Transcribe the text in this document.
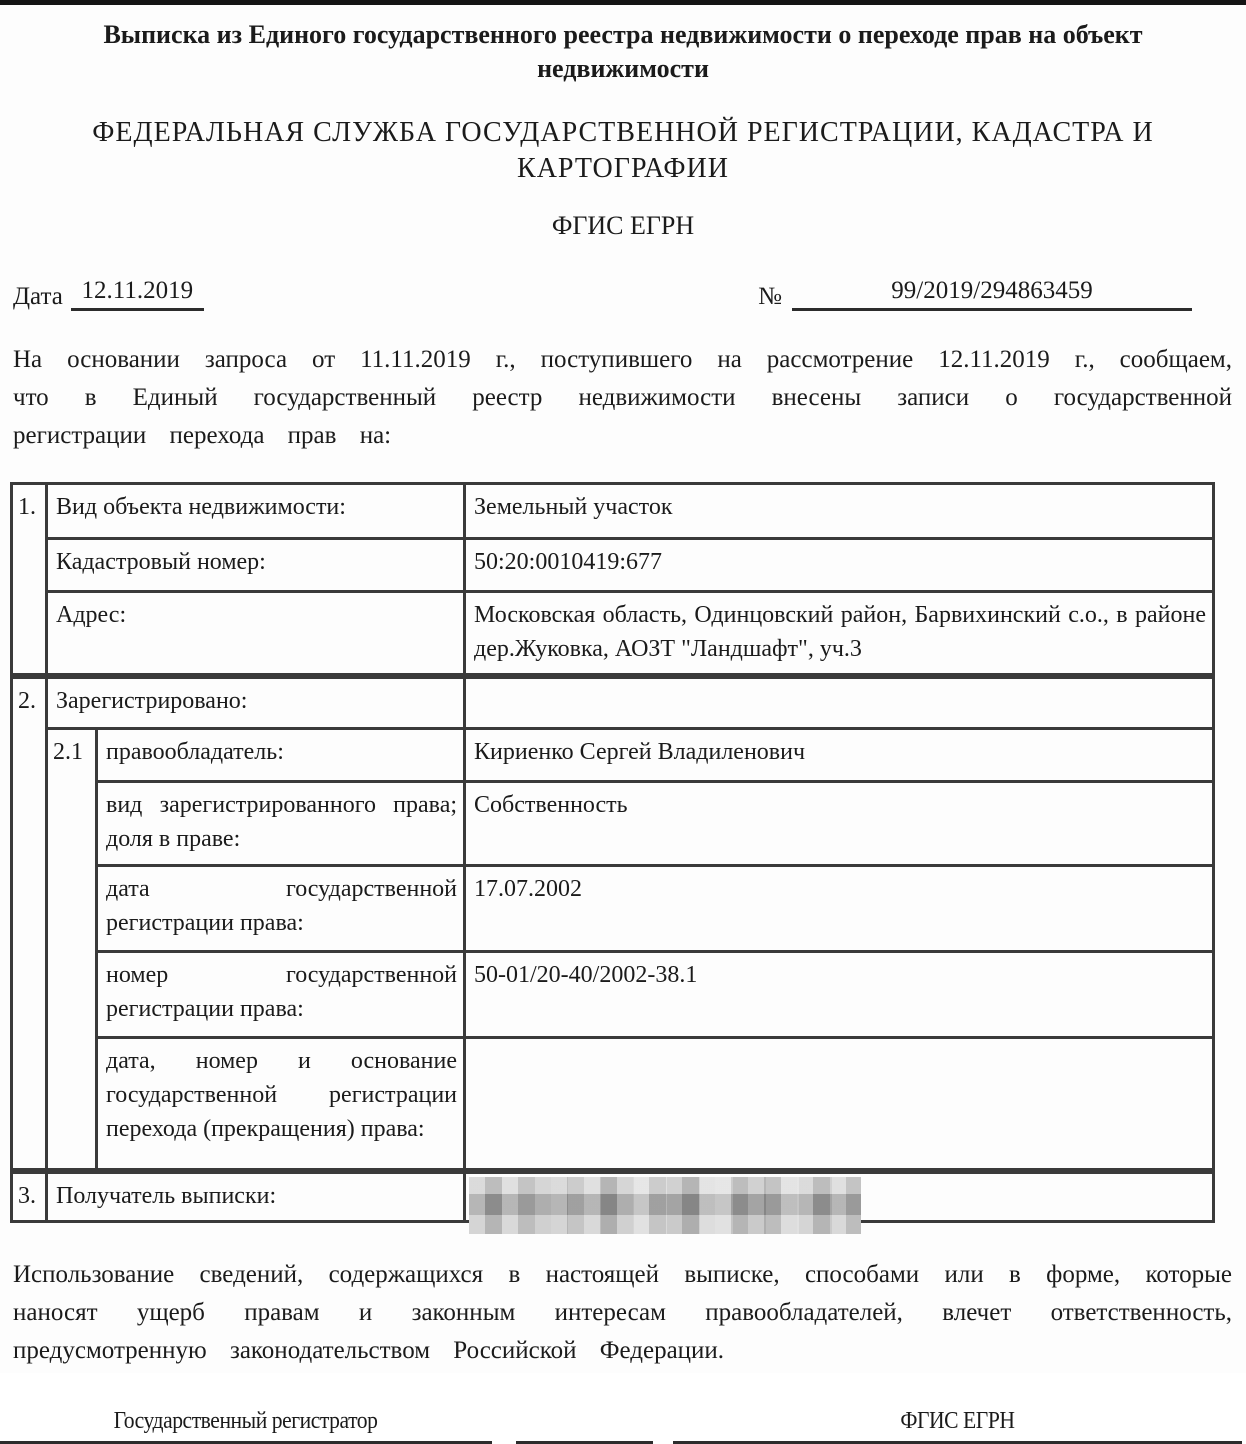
Выписка из Единого государственного реестра недвижимости о переходе прав на объект недвижимости
ФЕДЕРАЛЬНАЯ СЛУЖБА ГОСУДАРСТВЕННОЙ РЕГИСТРАЦИИ, КАДАСТРА И КАРТОГРАФИИ
ФГИС ЕГРН
Дата 12.11.2019	№	99/2019/294863459
На основании запроса от 11.11.2019 г., поступившего на рассмотрение 12.11.2019 г., сообщаем, что в Единый государственный реестр недвижимости внесены записи о государственной регистрации перехода прав на:
1.	Вид объекта недвижимости:		Земельный участок
	Кадастровый номер:		50:20:0010419:677
	Адрес:		Московская область, Одинцовский район, Барвихинский с.о., в районе дер.Жуковка, АОЗТ "Ландшафт", уч.3
2.	Зарегистрировано:		
	2.1	правообладатель:	Кириенко Сергей Владиленович
		вид зарегистрированного права; доля в праве:	Собственность
		дата государственной регистрации права:	17.07.2002
		номер государственной регистрации права:	50-01/20-40/2002-38.1
		дата, номер и основание государственной регистрации перехода (прекращения) права:	
3.	Получатель выписки:		
Использование сведений, содержащихся в настоящей выписке, способами или в форме, которые наносят ущерб правам и законным интересам правообладателей, влечет ответственность, предусмотренную законодательством Российской Федерации.
Государственный регистратор	ФГИС ЕГРН
